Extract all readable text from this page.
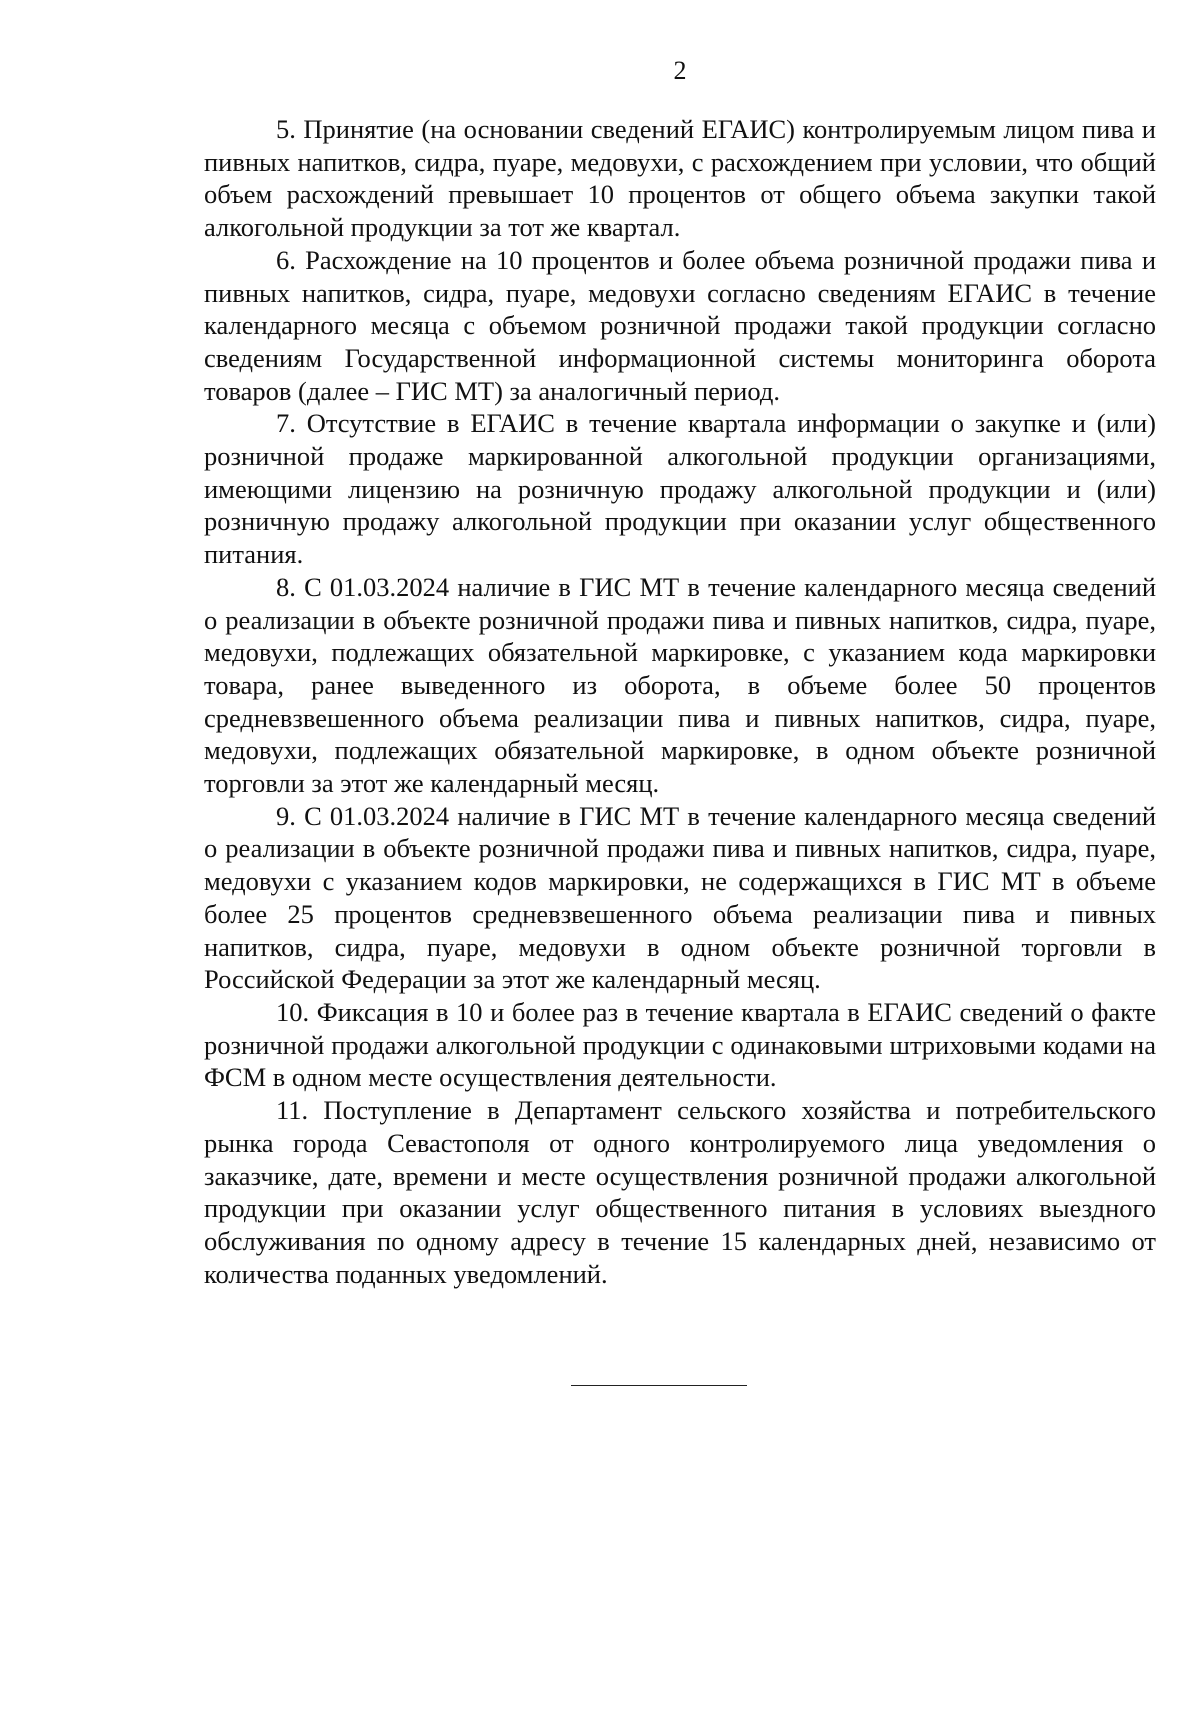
2

5. Принятие (на основании сведений ЕГАИС) контролируемым лицом пива и пивных напитков, сидра, пуаре, медовухи, с расхождением при условии, что общий объем расхождений превышает 10 процентов от общего объема закупки такой алкогольной продукции за тот же квартал.

6. Расхождение на 10 процентов и более объема розничной продажи пива и пивных напитков, сидра, пуаре, медовухи согласно сведениям ЕГАИС в течение календарного месяца с объемом розничной продажи такой продукции согласно сведениям Государственной информационной системы мониторинга оборота товаров (далее – ГИС МТ) за аналогичный период.

7. Отсутствие в ЕГАИС в течение квартала информации о закупке и (или) розничной продаже маркированной алкогольной продукции организациями, имеющими лицензию на розничную продажу алкогольной продукции и (или) розничную продажу алкогольной продукции при оказании услуг общественного питания.

8. С 01.03.2024 наличие в ГИС МТ в течение календарного месяца сведений о реализации в объекте розничной продажи пива и пивных напитков, сидра, пуаре, медовухи, подлежащих обязательной маркировке, с указанием кода маркировки товара, ранее выведенного из оборота, в объеме более 50 процентов средневзвешенного объема реализации пива и пивных напитков, сидра, пуаре, медовухи, подлежащих обязательной маркировке, в одном объекте розничной торговли за этот же календарный месяц.

9. С 01.03.2024 наличие в ГИС МТ в течение календарного месяца сведений о реализации в объекте розничной продажи пива и пивных напитков, сидра, пуаре, медовухи с указанием кодов маркировки, не содержащихся в ГИС МТ в объеме более 25 процентов средневзвешенного объема реализации пива и пивных напитков, сидра, пуаре, медовухи в одном объекте розничной торговли в Российской Федерации за этот же календарный месяц.

10. Фиксация в 10 и более раз в течение квартала в ЕГАИС сведений о факте розничной продажи алкогольной продукции с одинаковыми штриховыми кодами на ФСМ в одном месте осуществления деятельности.

11. Поступление в Департамент сельского хозяйства и потребительского рынка города Севастополя от одного контролируемого лица уведомления о заказчике, дате, времени и месте осуществления розничной продажи алкогольной продукции при оказании услуг общественного питания в условиях выездного обслуживания по одному адресу в течение 15 календарных дней, независимо от количества поданных уведомлений.
